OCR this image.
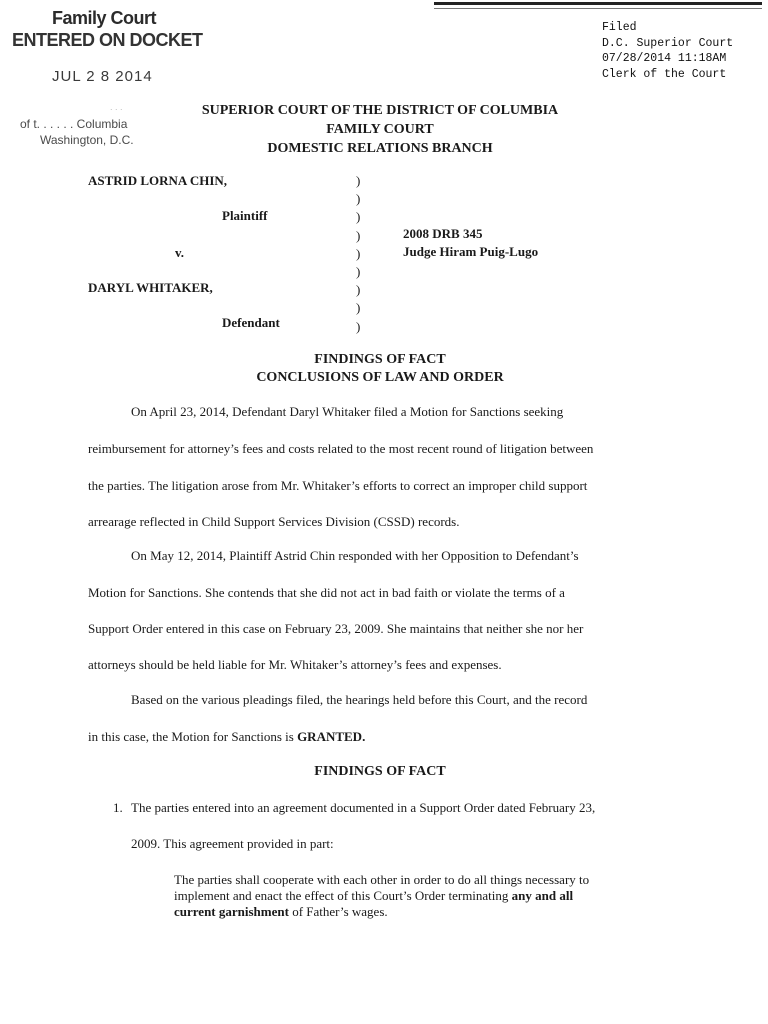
Family Court
ENTERED ON DOCKET
JUL 2 8 2014
. . .
of t. . . . . . Columbia
Washington, D.C.
Filed
D.C. Superior Court
07/28/2014 11:18AM
Clerk of the Court
SUPERIOR COURT OF THE DISTRICT OF COLUMBIA
FAMILY COURT
DOMESTIC RELATIONS BRANCH
ASTRID LORNA CHIN,
Plaintiff
v.
DARYL WHITAKER,
Defendant
)
)
)
)
)
)
)
)
)
2008 DRB 345
Judge Hiram Puig-Lugo
FINDINGS OF FACT
CONCLUSIONS OF LAW AND ORDER
On April 23, 2014, Defendant Daryl Whitaker filed a Motion for Sanctions seeking
reimbursement for attorney’s fees and costs related to the most recent round of litigation between
the parties. The litigation arose from Mr. Whitaker’s efforts to correct an improper child support
arrearage reflected in Child Support Services Division (CSSD) records.
On May 12, 2014, Plaintiff Astrid Chin responded with her Opposition to Defendant’s
Motion for Sanctions. She contends that she did not act in bad faith or violate the terms of a
Support Order entered in this case on February 23, 2009. She maintains that neither she nor her
attorneys should be held liable for Mr. Whitaker’s attorney’s fees and expenses.
Based on the various pleadings filed, the hearings held before this Court, and the record
in this case, the Motion for Sanctions is GRANTED.
FINDINGS OF FACT
1. The parties entered into an agreement documented in a Support Order dated February 23,
2009. This agreement provided in part:
The parties shall cooperate with each other in order to do all things necessary to
implement and enact the effect of this Court’s Order terminating any and all
current garnishment of Father’s wages.
